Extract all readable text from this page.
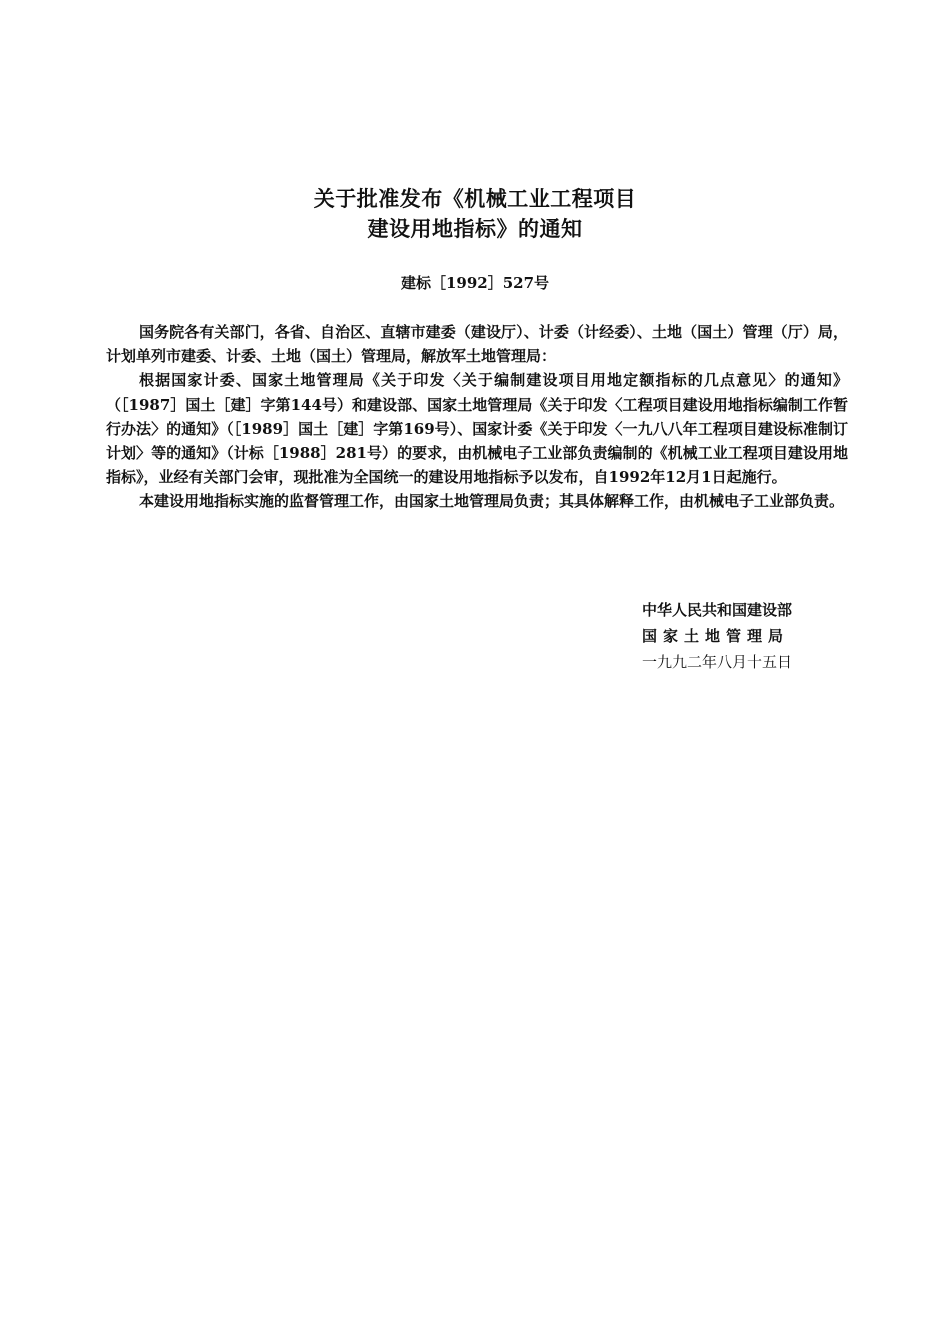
关于批准发布《机械工业工程项目
建设用地指标》的通知
建标［1992］527号

国务院各有关部门，各省、自治区、直辖市建委（建设厅）、计委（计经委）、土地（国土）管理（厅）局，计划单列市建委、计委、土地（国土）管理局，解放军土地管理局：

根据国家计委、国家土地管理局《关于印发〈关于编制建设项目用地定额指标的几点意见〉的通知》（［1987］国土［建］字第144号）和建设部、国家土地管理局《关于印发〈工程项目建设用地指标编制工作暂行办法〉的通知》（［1989］国土［建］字第169号）、国家计委《关于印发〈一九八八年工程项目建设标准制订计划〉等的通知》（计标［1988］281号）的要求，由机械电子工业部负责编制的《机械工业工程项目建设用地指标》，业经有关部门会审，现批准为全国统一的建设用地指标予以发布，自1992年12月1日起施行。

本建设用地指标实施的监督管理工作，由国家土地管理局负责；其具体解释工作，由机械电子工业部负责。

中华人民共和国建设部
国家土地管理局
一九九二年八月十五日
